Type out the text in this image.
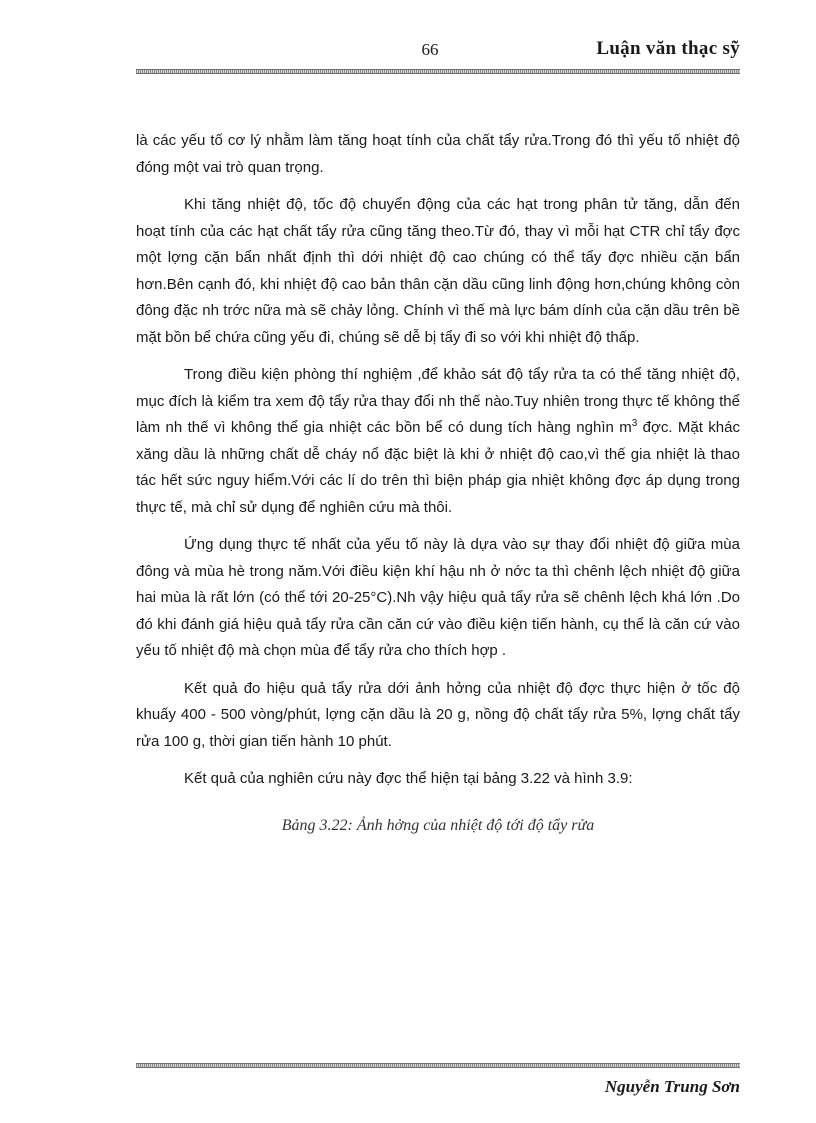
66	Luận văn thạc sỹ

là các yếu tố cơ lý nhằm làm tăng hoạt tính của chất tẩy rửa.Trong đó thì yếu tố nhiệt độ đóng một vai trò quan trọng.

Khi tăng nhiệt độ, tốc độ chuyển động của các hạt trong phân tử tăng, dẫn đến hoạt tính của các hạt chất tẩy rửa cũng tăng theo.Từ đó, thay vì mỗi hạt CTR chỉ tẩy đợc một lợng cặn bẩn nhất định thì dới nhiệt độ cao chúng có thể tẩy đợc nhiều cặn bẩn hơn.Bên cạnh đó, khi nhiệt độ cao bản thân cặn dầu cũng linh động hơn,chúng không còn đông đặc nh trớc nữa mà sẽ chảy lỏng. Chính vì thế mà lực bám dính của cặn dầu trên bề mặt bồn bể chứa cũng yếu đi, chúng sẽ dễ bị tẩy đi so với khi nhiệt độ thấp.

Trong điều kiện phòng thí nghiệm ,để khảo sát độ tẩy rửa ta có thể tăng nhiệt độ, mục đích là kiểm tra xem độ tẩy rửa thay đổi nh thế nào.Tuy nhiên trong thực tế không thể làm nh thế vì không thể gia nhiệt các bồn bể có dung tích hàng nghìn $m^3$ đợc. Mặt khác xăng dầu là những chất dễ cháy nổ đặc biệt là khi ở nhiệt độ cao,vì thế gia nhiệt là thao tác hết sức nguy hiểm.Với các lí do trên thì biện pháp gia nhiệt không đợc áp dụng trong thực tế, mà chỉ sử dụng để nghiên cứu mà thôi.

Ứng dụng thực tế nhất của yếu tố này là dựa vào sự thay đổi nhiệt độ giữa mùa đông và mùa hè trong năm.Với điều kiện khí hậu nh ở nớc ta thì chênh lệch nhiệt độ giữa hai mùa là rất lớn (có thể tới 20-25°C).Nh vậy hiệu quả tẩy rửa sẽ chênh lệch khá lớn .Do đó khi đánh giá hiệu quả tẩy rửa cần căn cứ vào điều kiện tiến hành, cụ thể là căn cứ vào yếu tố nhiệt độ mà chọn mùa để tẩy rửa cho thích hợp .

Kết quả đo hiệu quả tẩy rửa dới ảnh hởng của nhiệt độ đợc thực hiện ở tốc độ khuấy 400 - 500 vòng/phút, lợng cặn dầu là 20 g, nồng độ chất tẩy rửa 5%, lợng chất tẩy rửa 100 g, thời gian tiến hành 10 phút.

Kết quả của nghiên cứu này đợc thể hiện tại bảng 3.22 và hình 3.9:

Bảng 3.22: Ảnh hởng của nhiệt độ tới độ tẩy rửa
Nguyễn Trung Sơn
